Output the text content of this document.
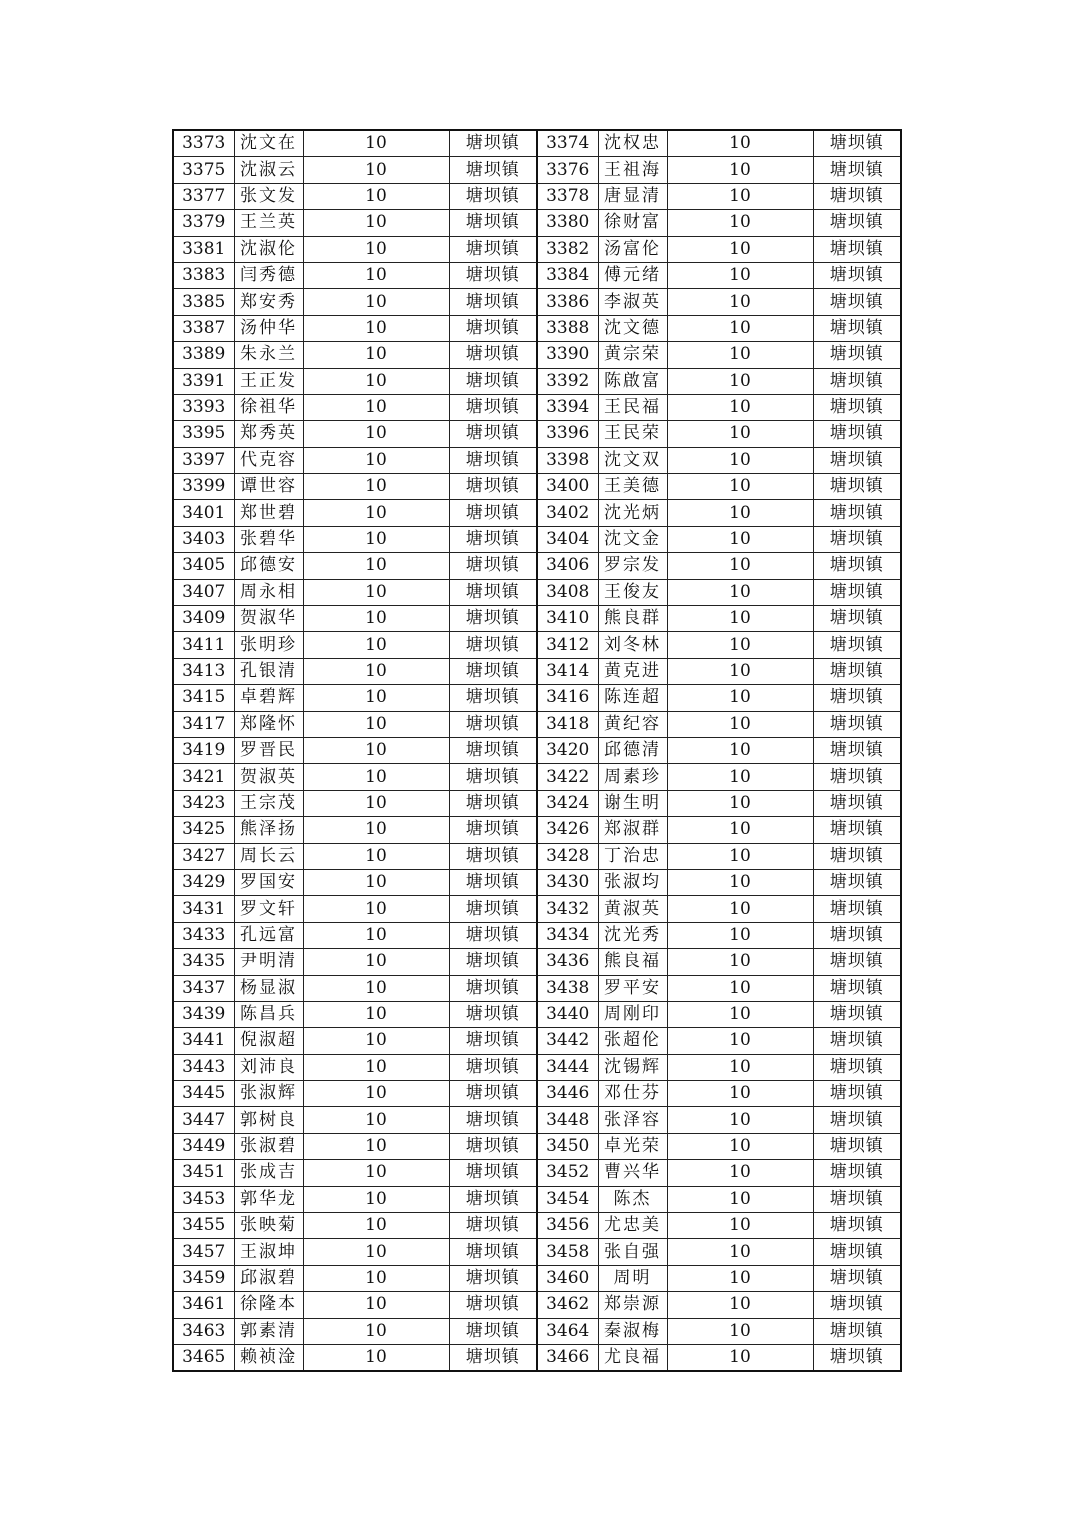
3373	沈文在	10	塘坝镇	3374	沈权忠	10	塘坝镇
3375	沈淑云	10	塘坝镇	3376	王祖海	10	塘坝镇
3377	张文发	10	塘坝镇	3378	唐显清	10	塘坝镇
3379	王兰英	10	塘坝镇	3380	徐财富	10	塘坝镇
3381	沈淑伦	10	塘坝镇	3382	汤富伦	10	塘坝镇
3383	闫秀德	10	塘坝镇	3384	傅元绪	10	塘坝镇
3385	郑安秀	10	塘坝镇	3386	李淑英	10	塘坝镇
3387	汤仲华	10	塘坝镇	3388	沈文德	10	塘坝镇
3389	朱永兰	10	塘坝镇	3390	黄宗荣	10	塘坝镇
3391	王正发	10	塘坝镇	3392	陈啟富	10	塘坝镇
3393	徐祖华	10	塘坝镇	3394	王民福	10	塘坝镇
3395	郑秀英	10	塘坝镇	3396	王民荣	10	塘坝镇
3397	代克容	10	塘坝镇	3398	沈文双	10	塘坝镇
3399	谭世容	10	塘坝镇	3400	王美德	10	塘坝镇
3401	郑世碧	10	塘坝镇	3402	沈光炳	10	塘坝镇
3403	张碧华	10	塘坝镇	3404	沈文金	10	塘坝镇
3405	邱德安	10	塘坝镇	3406	罗宗发	10	塘坝镇
3407	周永相	10	塘坝镇	3408	王俊友	10	塘坝镇
3409	贺淑华	10	塘坝镇	3410	熊良群	10	塘坝镇
3411	张明珍	10	塘坝镇	3412	刘冬林	10	塘坝镇
3413	孔银清	10	塘坝镇	3414	黄克进	10	塘坝镇
3415	卓碧辉	10	塘坝镇	3416	陈连超	10	塘坝镇
3417	郑隆怀	10	塘坝镇	3418	黄纪容	10	塘坝镇
3419	罗晋民	10	塘坝镇	3420	邱德清	10	塘坝镇
3421	贺淑英	10	塘坝镇	3422	周素珍	10	塘坝镇
3423	王宗茂	10	塘坝镇	3424	谢生明	10	塘坝镇
3425	熊泽扬	10	塘坝镇	3426	郑淑群	10	塘坝镇
3427	周长云	10	塘坝镇	3428	丁治忠	10	塘坝镇
3429	罗国安	10	塘坝镇	3430	张淑均	10	塘坝镇
3431	罗文轩	10	塘坝镇	3432	黄淑英	10	塘坝镇
3433	孔远富	10	塘坝镇	3434	沈光秀	10	塘坝镇
3435	尹明清	10	塘坝镇	3436	熊良福	10	塘坝镇
3437	杨显淑	10	塘坝镇	3438	罗平安	10	塘坝镇
3439	陈昌兵	10	塘坝镇	3440	周刚印	10	塘坝镇
3441	倪淑超	10	塘坝镇	3442	张超伦	10	塘坝镇
3443	刘沛良	10	塘坝镇	3444	沈锡辉	10	塘坝镇
3445	张淑辉	10	塘坝镇	3446	邓仕芬	10	塘坝镇
3447	郭树良	10	塘坝镇	3448	张泽容	10	塘坝镇
3449	张淑碧	10	塘坝镇	3450	卓光荣	10	塘坝镇
3451	张成吉	10	塘坝镇	3452	曹兴华	10	塘坝镇
3453	郭华龙	10	塘坝镇	3454	陈杰	10	塘坝镇
3455	张映菊	10	塘坝镇	3456	尤忠美	10	塘坝镇
3457	王淑坤	10	塘坝镇	3458	张自强	10	塘坝镇
3459	邱淑碧	10	塘坝镇	3460	周明	10	塘坝镇
3461	徐隆本	10	塘坝镇	3462	郑崇源	10	塘坝镇
3463	郭素清	10	塘坝镇	3464	秦淑梅	10	塘坝镇
3465	赖祯淦	10	塘坝镇	3466	尤良福	10	塘坝镇
